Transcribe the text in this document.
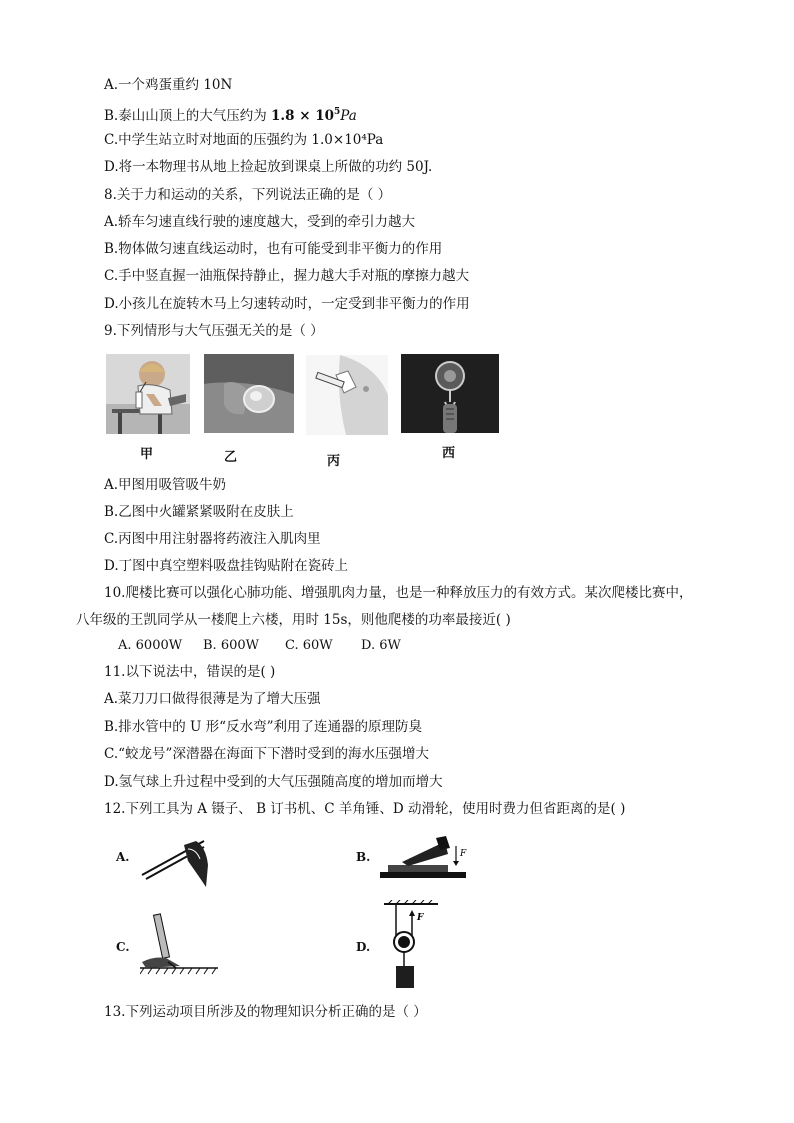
A.一个鸡蛋重约 10N
B.泰山山顶上的大气压约为 $1.8 \times 10^5Pa$
C.中学生站立时对地面的压强约为 1.0×10⁴Pa
D.将一本物理书从地上捡起放到课桌上所做的功约 50J.
8.关于力和运动的关系，下列说法正确的是（ ）
A.轿车匀速直线行驶的速度越大，受到的牵引力越大
B.物体做匀速直线运动时，也有可能受到非平衡力的作用
C.手中竖直握一油瓶保持静止，握力越大手对瓶的摩擦力越大
D.小孩儿在旋转木马上匀速转动时，一定受到非平衡力的作用
9.下列情形与大气压强无关的是（ ）
甲	乙	丙
西
A.甲图用吸管吸牛奶
B.乙图中火罐紧紧吸附在皮肤上
C.丙图中用注射器将药液注入肌肉里
D.丁图中真空塑料吸盘挂钩贴附在瓷砖上
10.爬楼比赛可以强化心肺功能、增强肌肉力量，也是一种释放压力的有效方式。某次爬楼比赛中，
八年级的王凯同学从一楼爬上六楼，用时 15s，则他爬楼的功率最接近( )
A. 6000W B. 600W C. 60W D. 6W
11.以下说法中，错误的是( )
A.菜刀刀口做得很薄是为了增大压强
B.排水管中的 U 形“反水弯”利用了连通器的原理防臭
C.“蛟龙号”深潜器在海面下下潜时受到的海水压强增大
D.氢气球上升过程中受到的大气压强随高度的增加而增大
12.下列工具为 A 镊子、 B 订书机、C 羊角锤、D 动滑轮，使用时费力但省距离的是( )
A.	B.	F
C.	D.
F
13.下列运动项目所涉及的物理知识分析正确的是（ ）
